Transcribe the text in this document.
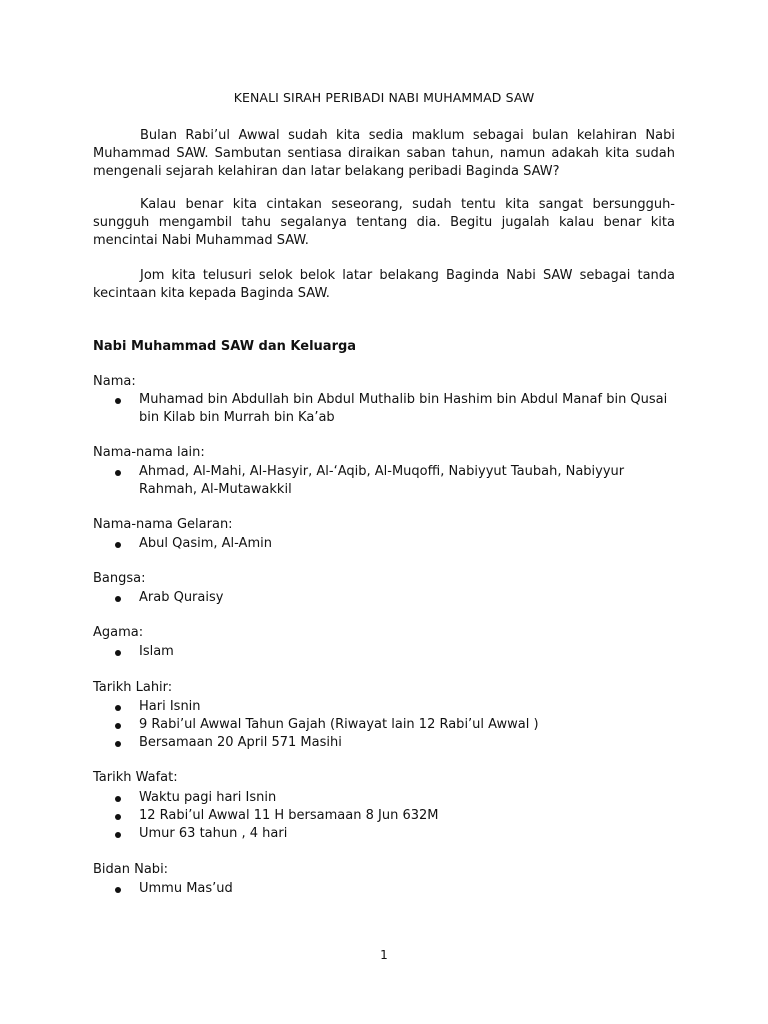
KENALI SIRAH PERIBADI NABI MUHAMMAD SAW

Bulan Rabi’ul Awwal sudah kita sedia maklum sebagai bulan kelahiran Nabi Muhammad SAW. Sambutan sentiasa diraikan saban tahun, namun adakah kita sudah mengenali sejarah kelahiran dan latar belakang peribadi Baginda SAW?

Kalau benar kita cintakan seseorang, sudah tentu kita sangat bersungguh-sungguh mengambil tahu segalanya tentang dia. Begitu jugalah kalau benar kita mencintai Nabi Muhammad SAW.

Jom kita telusuri selok belok latar belakang Baginda Nabi SAW sebagai tanda kecintaan kita kepada Baginda SAW.

Nabi Muhammad SAW dan Keluarga
Nama:
Muhamad bin Abdullah bin Abdul Muthalib bin Hashim bin Abdul Manaf bin Qusai bin Kilab bin Murrah bin Ka’ab
Nama-nama lain:
Ahmad, Al-Mahi, Al-Hasyir, Al-‘Aqib, Al-Muqoffi, Nabiyyut Taubah, Nabiyyur Rahmah, Al-Mutawakkil
Nama-nama Gelaran:
Abul Qasim, Al-Amin
Bangsa:
Arab Quraisy
Agama:
Islam
Tarikh Lahir:
Hari Isnin
9 Rabi’ul Awwal Tahun Gajah (Riwayat lain 12 Rabi’ul Awwal )
Bersamaan 20 April 571 Masihi
Tarikh Wafat:
Waktu pagi hari Isnin
12 Rabi’ul Awwal 11 H bersamaan 8 Jun 632M
Umur 63 tahun , 4 hari
Bidan Nabi:
Ummu Mas’ud
1
